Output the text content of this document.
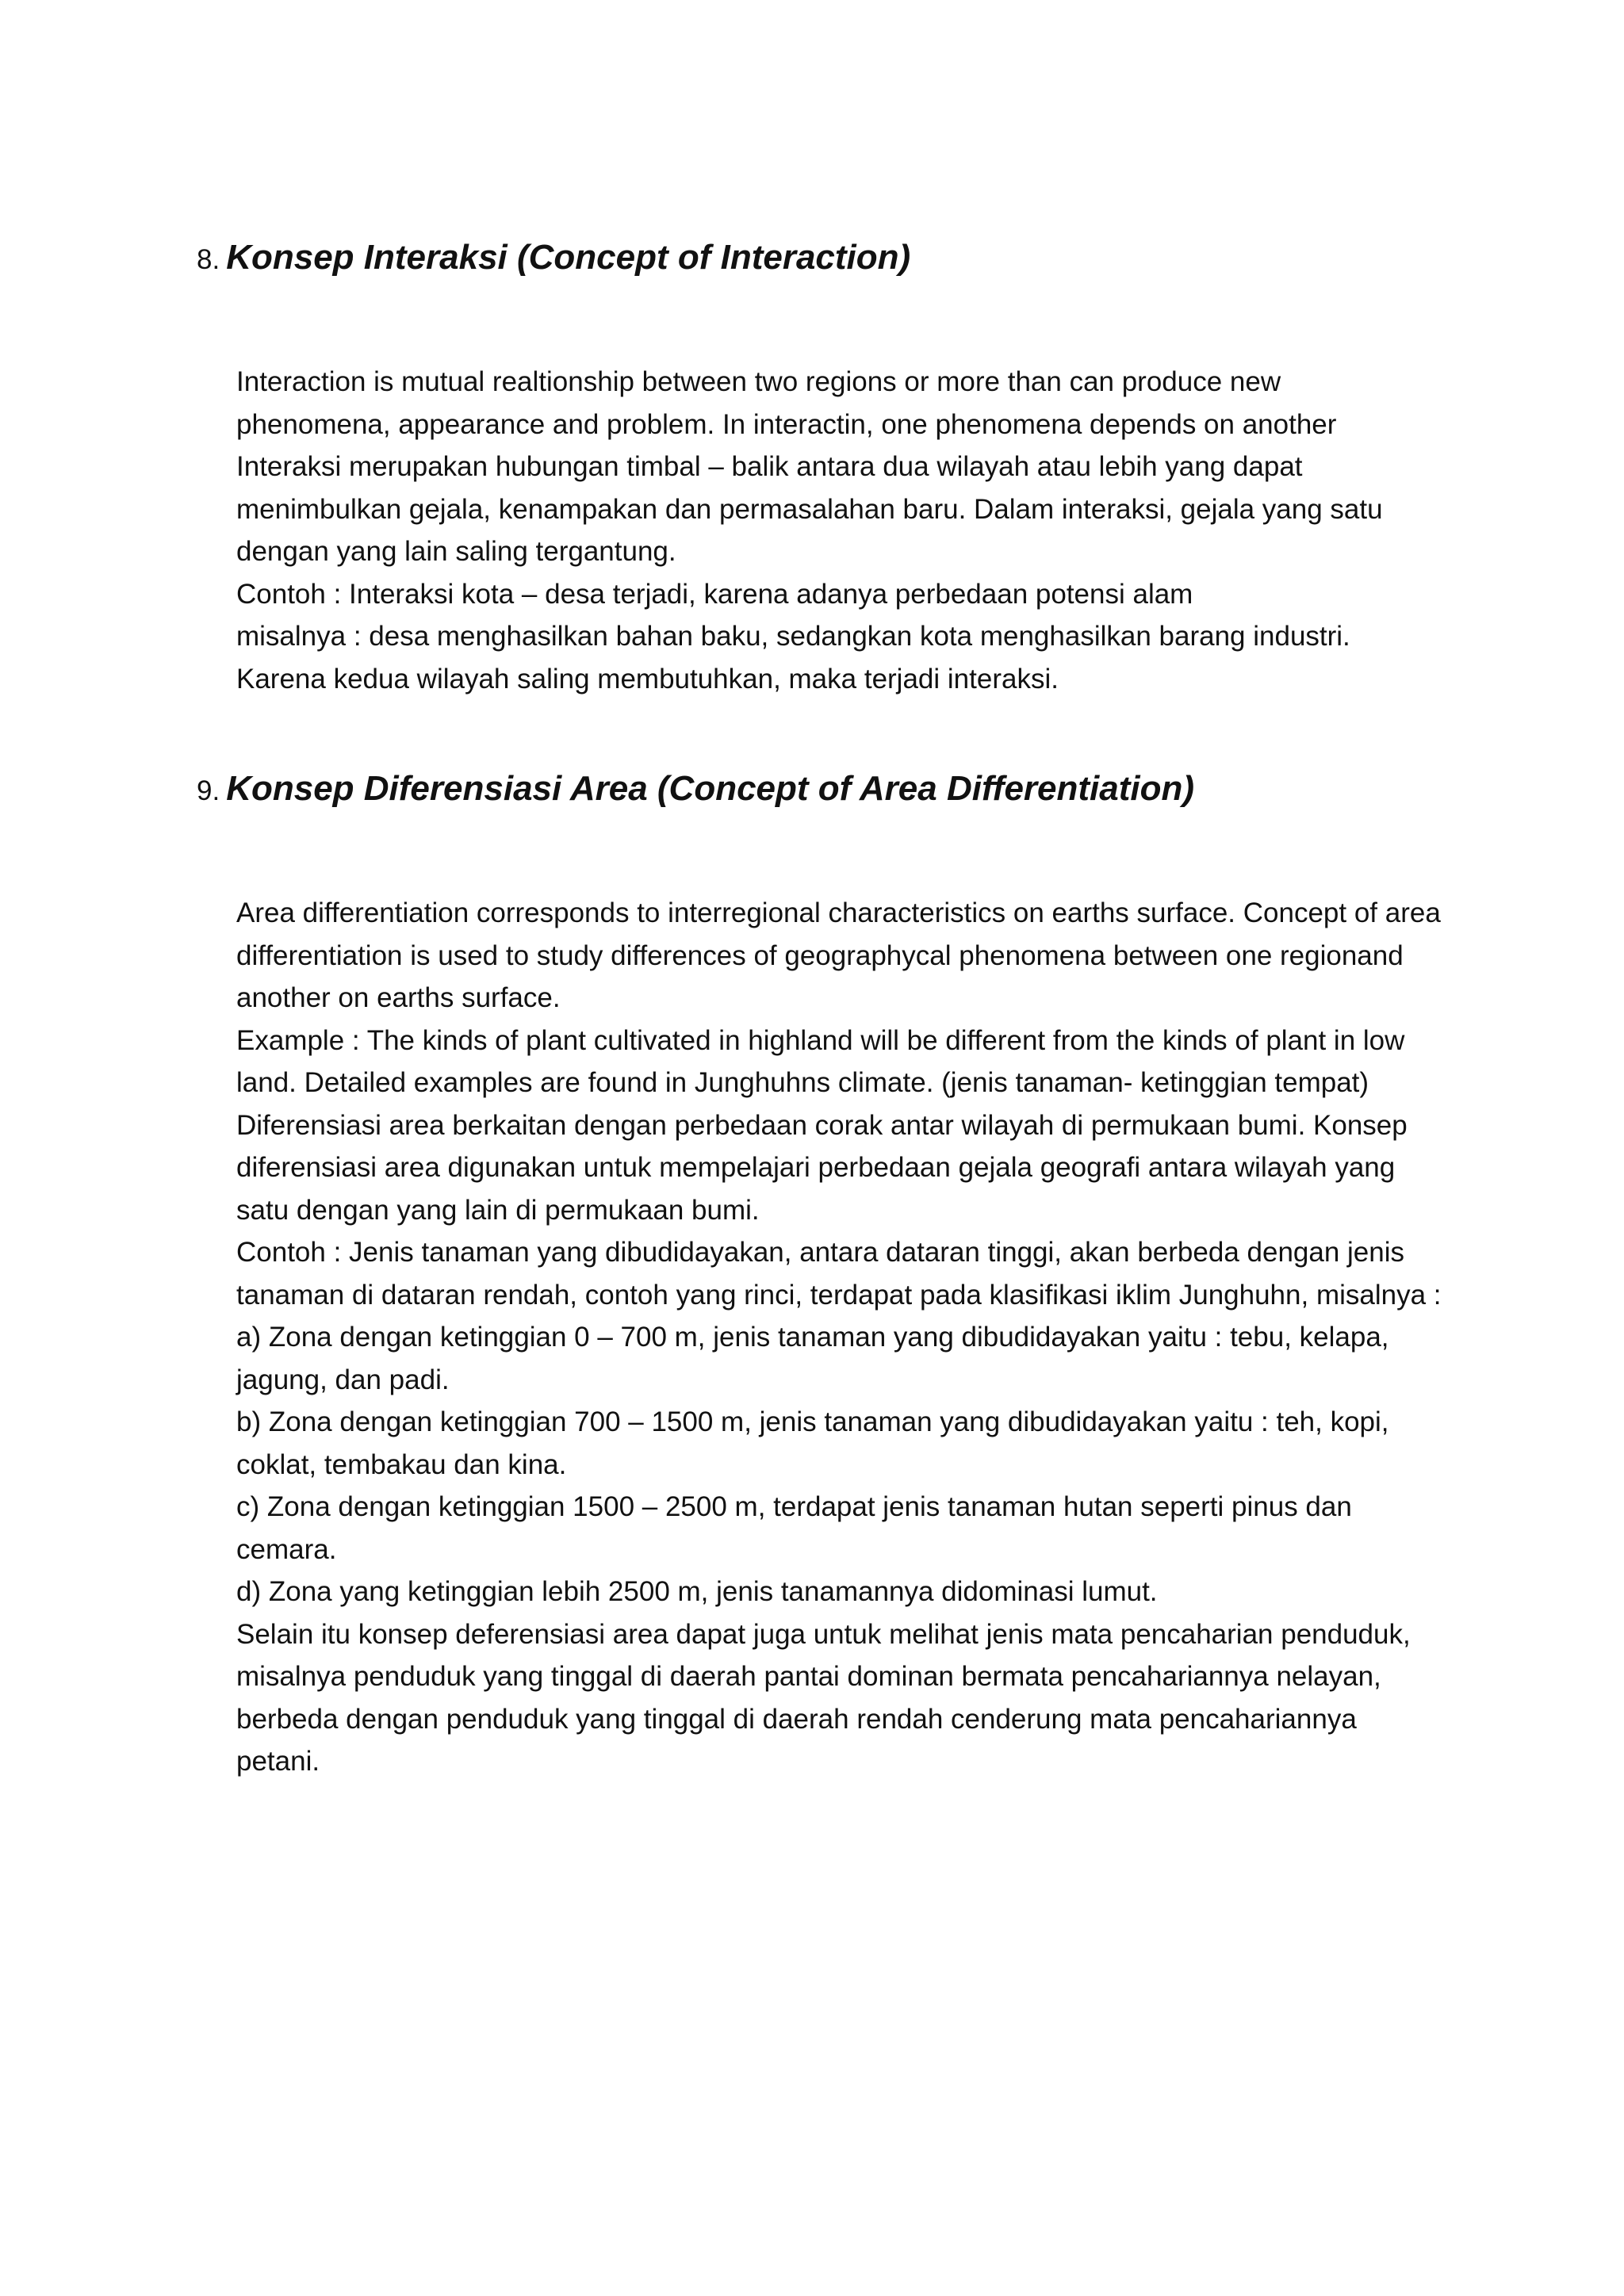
8. Konsep Interaksi (Concept of Interaction)

Interaction is mutual realtionship between two regions or more than can produce new phenomena, appearance and problem. In interactin, one phenomena depends on another

Interaksi merupakan hubungan timbal – balik antara dua wilayah atau lebih yang dapat menimbulkan gejala, kenampakan dan permasalahan baru. Dalam interaksi, gejala yang satu dengan yang lain saling tergantung.

Contoh : Interaksi kota – desa terjadi, karena adanya perbedaan potensi alam

misalnya : desa menghasilkan bahan baku, sedangkan kota menghasilkan barang industri. Karena kedua wilayah saling membutuhkan, maka terjadi interaksi.

9. Konsep Diferensiasi Area (Concept of Area Differentiation)

Area differentiation corresponds to interregional characteristics on earths surface. Concept of area differentiation is used to study differences of geographycal phenomena between one regionand another on earths surface.

Example : The kinds of plant cultivated in highland will be different from the kinds of plant in low land. Detailed examples are found in Junghuhns climate. (jenis tanaman- ketinggian tempat)

Diferensiasi area berkaitan dengan perbedaan corak antar wilayah di permukaan bumi. Konsep diferensiasi area digunakan untuk mempelajari perbedaan gejala geografi antara wilayah yang satu dengan yang lain di permukaan bumi.

Contoh : Jenis tanaman yang dibudidayakan, antara dataran tinggi, akan berbeda dengan jenis tanaman di dataran rendah, contoh yang rinci, terdapat pada klasifikasi iklim Junghuhn, misalnya :

a) Zona dengan ketinggian 0 – 700 m, jenis tanaman yang dibudidayakan yaitu : tebu, kelapa, jagung, dan padi.

b) Zona dengan ketinggian 700 – 1500 m, jenis tanaman yang dibudidayakan yaitu : teh, kopi, coklat, tembakau dan kina.

c) Zona dengan ketinggian 1500 – 2500 m, terdapat jenis tanaman hutan seperti pinus dan cemara.

d) Zona yang ketinggian lebih 2500 m, jenis tanamannya didominasi lumut.

Selain itu konsep deferensiasi area dapat juga untuk melihat jenis mata pencaharian penduduk, misalnya penduduk yang tinggal di daerah pantai dominan bermata pencahariannya nelayan, berbeda dengan penduduk yang tinggal di daerah rendah cenderung mata pencahariannya petani.
